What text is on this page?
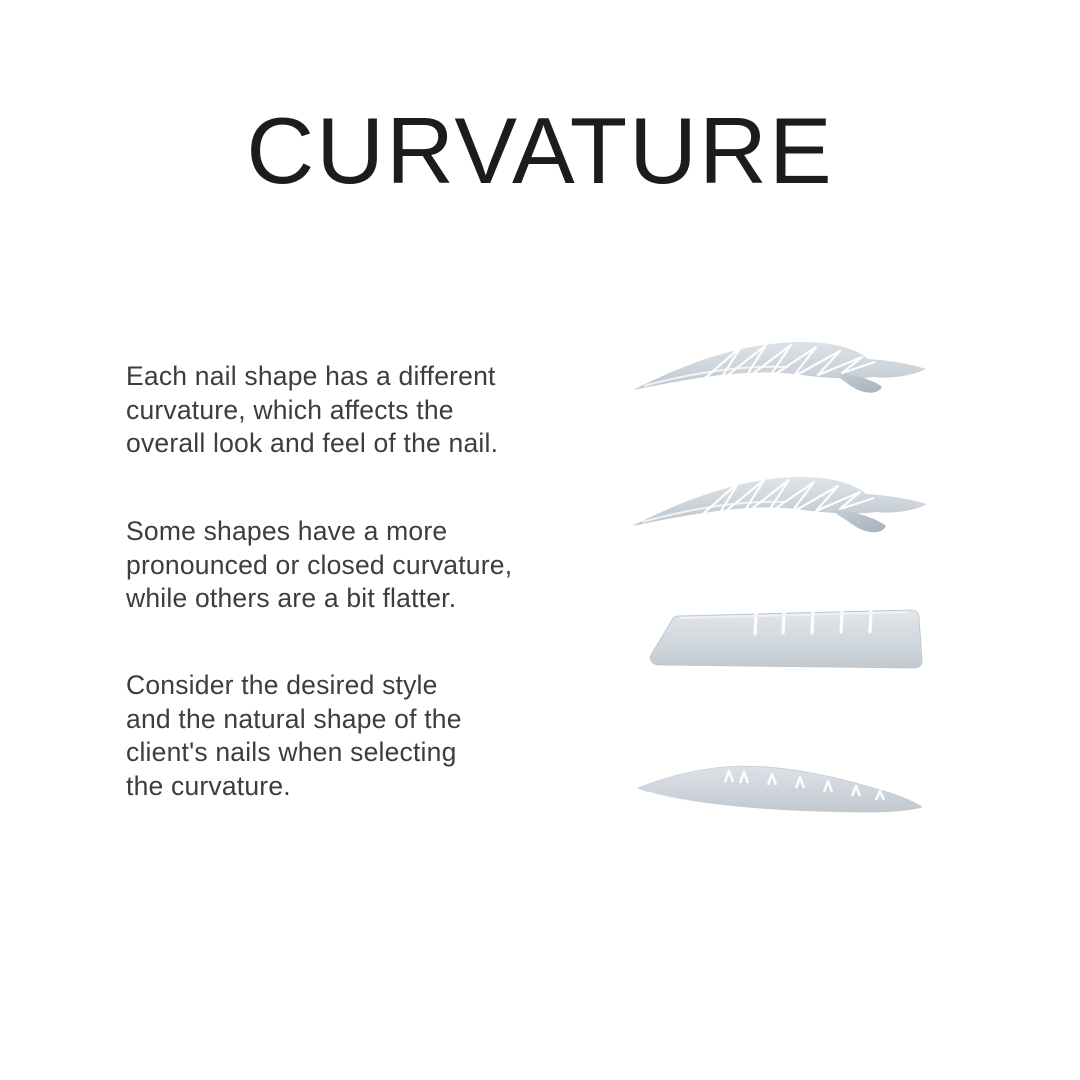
CURVATURE

Each nail shape has a different
curvature, which affects the
overall look and feel of the nail.

Some shapes have a more
pronounced or closed curvature,
while others are a bit flatter.

Consider the desired style
and the natural shape of the
client's nails when selecting
the curvature.
